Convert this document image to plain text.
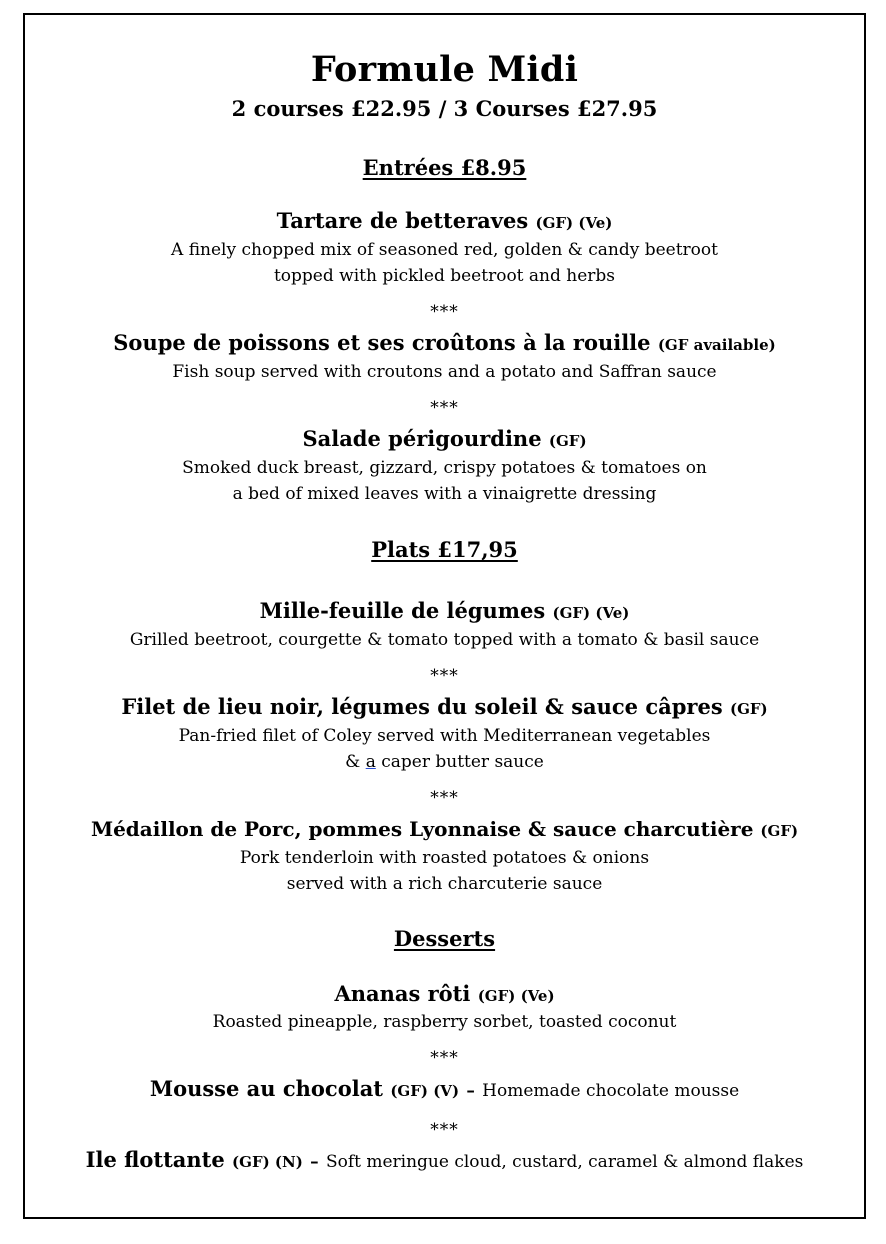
Formule Midi
2 courses £22.95 / 3 Courses £27.95
Entrées £8.95
Tartare de betteraves (GF) (Ve)
A finely chopped mix of seasoned red, golden & candy beetroot
topped with pickled beetroot and herbs
***
Soupe de poissons et ses croûtons à la rouille (GF available)
Fish soup served with croutons and a potato and Saffran sauce
***
Salade périgourdine (GF)
Smoked duck breast, gizzard, crispy potatoes & tomatoes on
a bed of mixed leaves with a vinaigrette dressing
Plats £17,95
Mille-feuille de légumes (GF) (Ve)
Grilled beetroot, courgette & tomato topped with a tomato & basil sauce
***
Filet de lieu noir, légumes du soleil & sauce câpres (GF)
Pan-fried filet of Coley served with Mediterranean vegetables
& a caper butter sauce
***
Médaillon de Porc, pommes Lyonnaise & sauce charcutière (GF)
Pork tenderloin with roasted potatoes & onions
served with a rich charcuterie sauce
Desserts
Ananas rôti (GF) (Ve)
Roasted pineapple, raspberry sorbet, toasted coconut
***
Mousse au chocolat (GF) (V) – Homemade chocolate mousse
***
Ile flottante (GF) (N) – Soft meringue cloud, custard, caramel & almond flakes
